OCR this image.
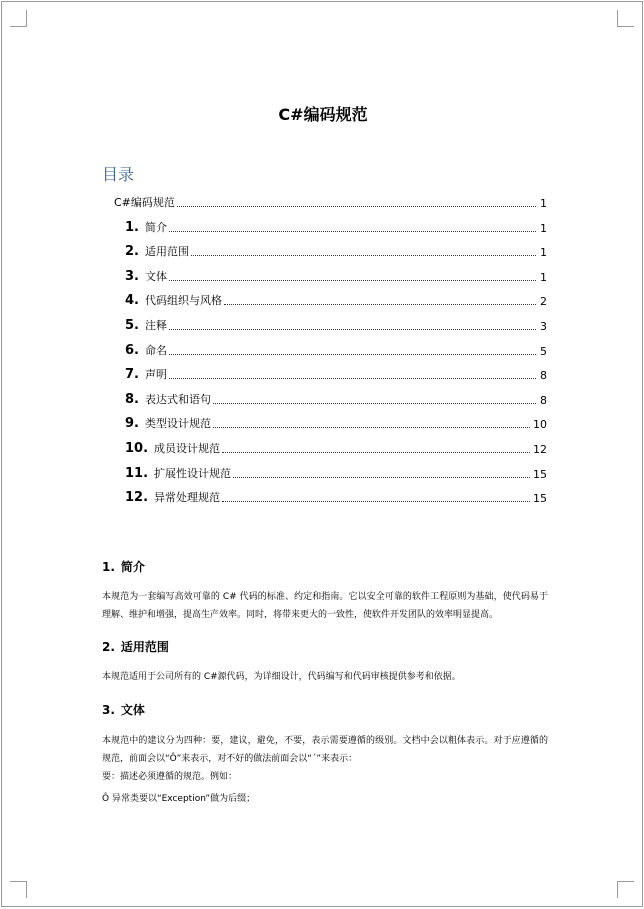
C#编码规范
目录
C#编码规范	1
1. 简介	1
2. 适用范围	1
3. 文体	1
4. 代码组织与风格	2
5. 注释	3
6. 命名	5
7. 声明	8
8. 表达式和语句	8
9. 类型设计规范	10
10. 成员设计规范	12
11. 扩展性设计规范	15
12. 异常处理规范	15
1. 简介
本规范为一套编写高效可靠的 C# 代码的标准、约定和指南。它以安全可靠的软件工程原则为基础，使代码易于理解、维护和增强，提高生产效率。同时，将带来更大的一致性，使软件开发团队的效率明显提高。
2. 适用范围
本规范适用于公司所有的 C#源代码，为详细设计，代码编写和代码审核提供参考和依据。
3. 文体
本规范中的建议分为四种：要，建议，避免，不要，表示需要遵循的级别。文档中会以粗体表示。对于应遵循的规范，前面会以“Ô”来表示，对不好的做法前面会以“ˊ”来表示：
要：描述必须遵循的规范。例如：
Ô 异常类要以“Exception”做为后缀；
